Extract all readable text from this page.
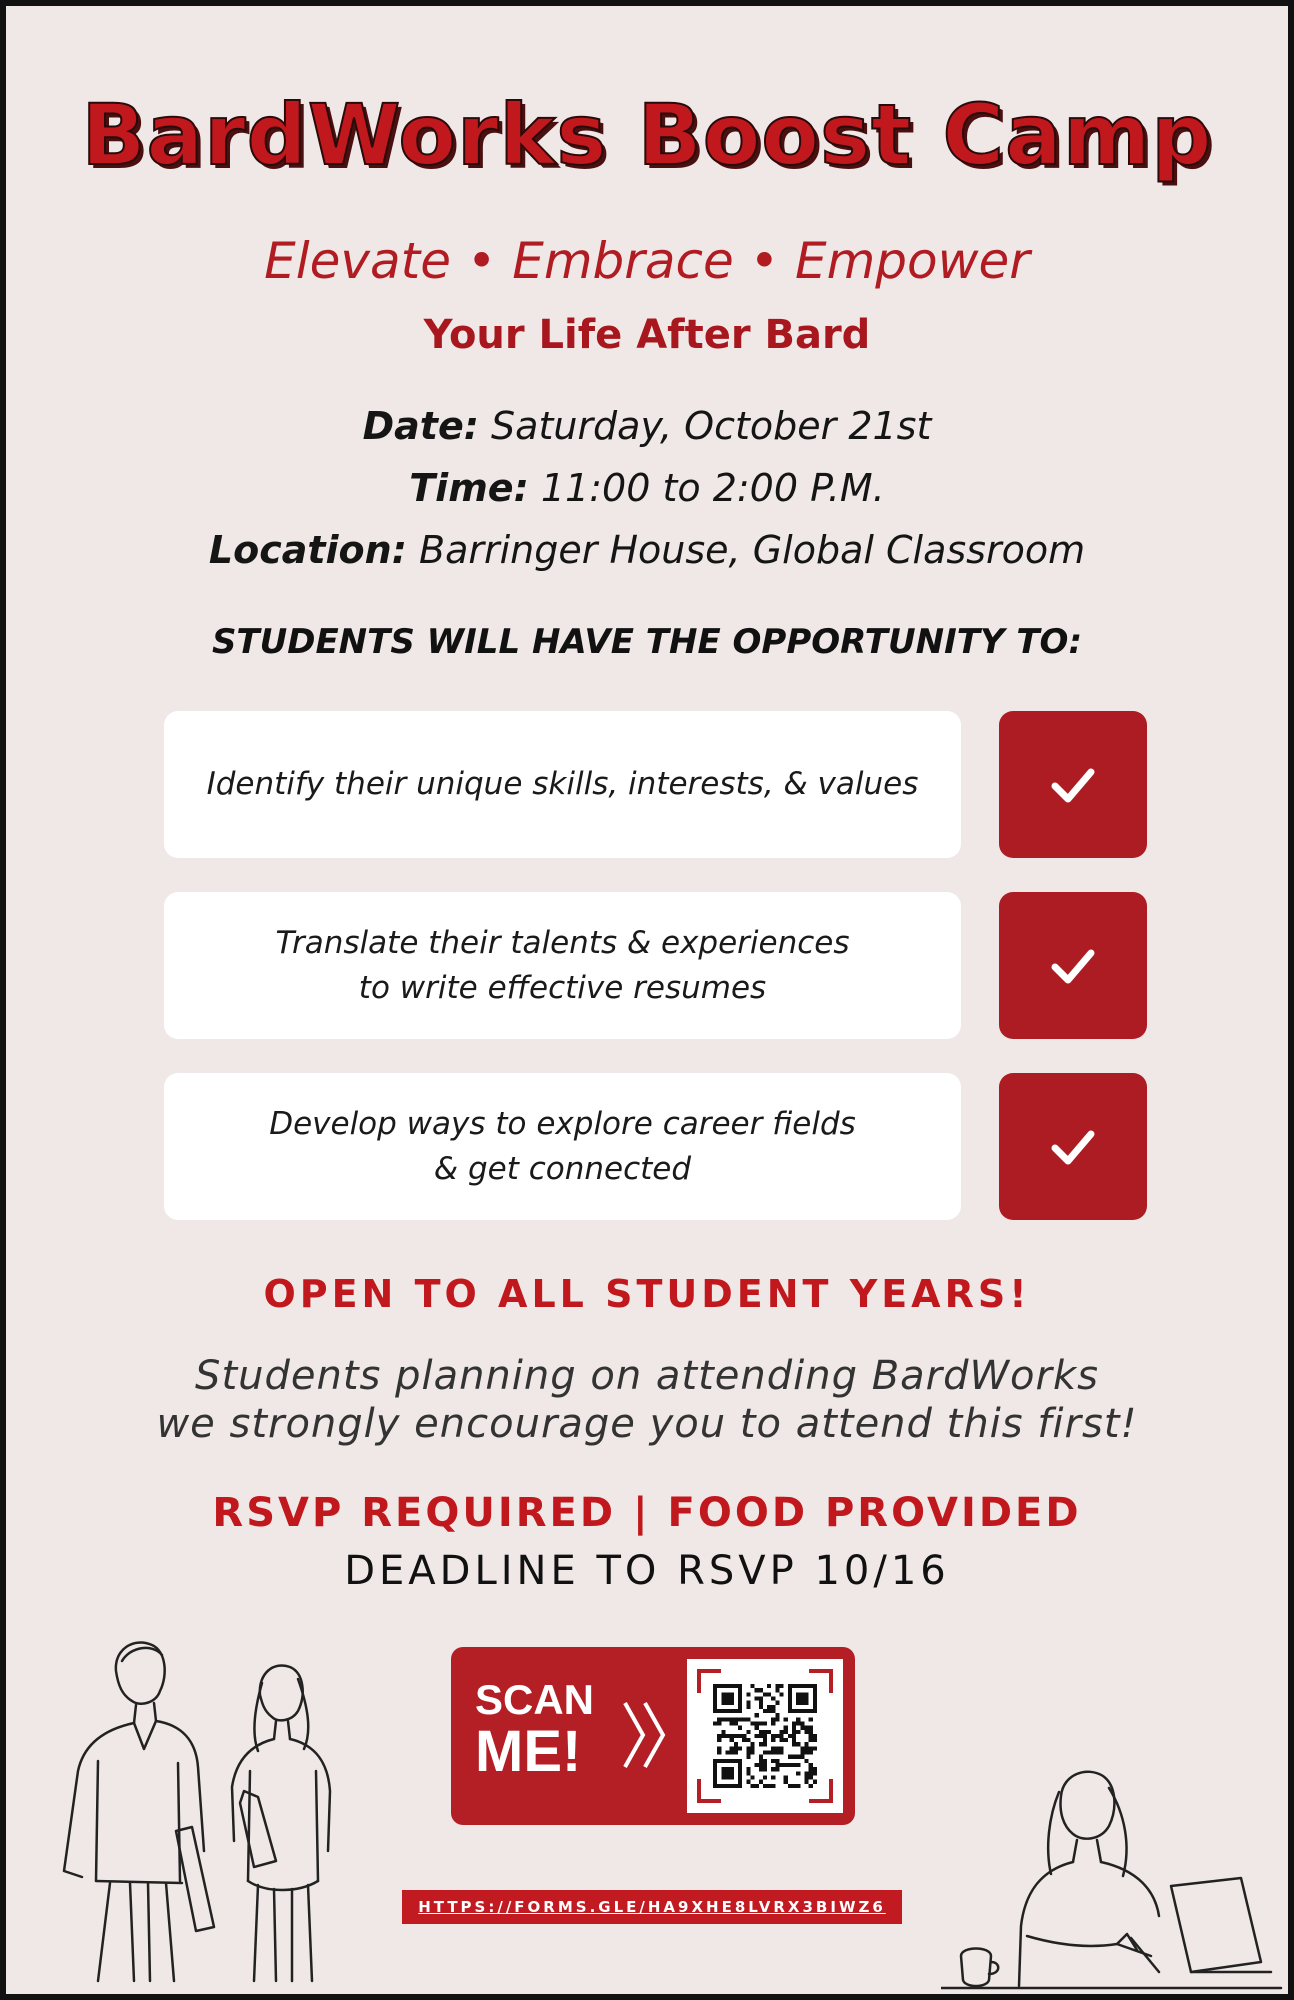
BardWorks Boost Camp
Elevate • Embrace • Empower
Your Life After Bard
Date: Saturday, October 21st
Time: 11:00 to 2:00 P.M.
Location: Barringer House, Global Classroom
STUDENTS WILL HAVE THE OPPORTUNITY TO:
Identify their unique skills, interests, & values
Translate their talents & experiences
to write effective resumes
Develop ways to explore career fields
& get connected
OPEN TO ALL STUDENT YEARS!
Students planning on attending BardWorks
we strongly encourage you to attend this first!
RSVP REQUIRED | FOOD PROVIDED
DEADLINE TO RSVP 10/16
SCAN
ME!
HTTPS://FORMS.GLE/HA9XHE8LVRX3BIWZ6
